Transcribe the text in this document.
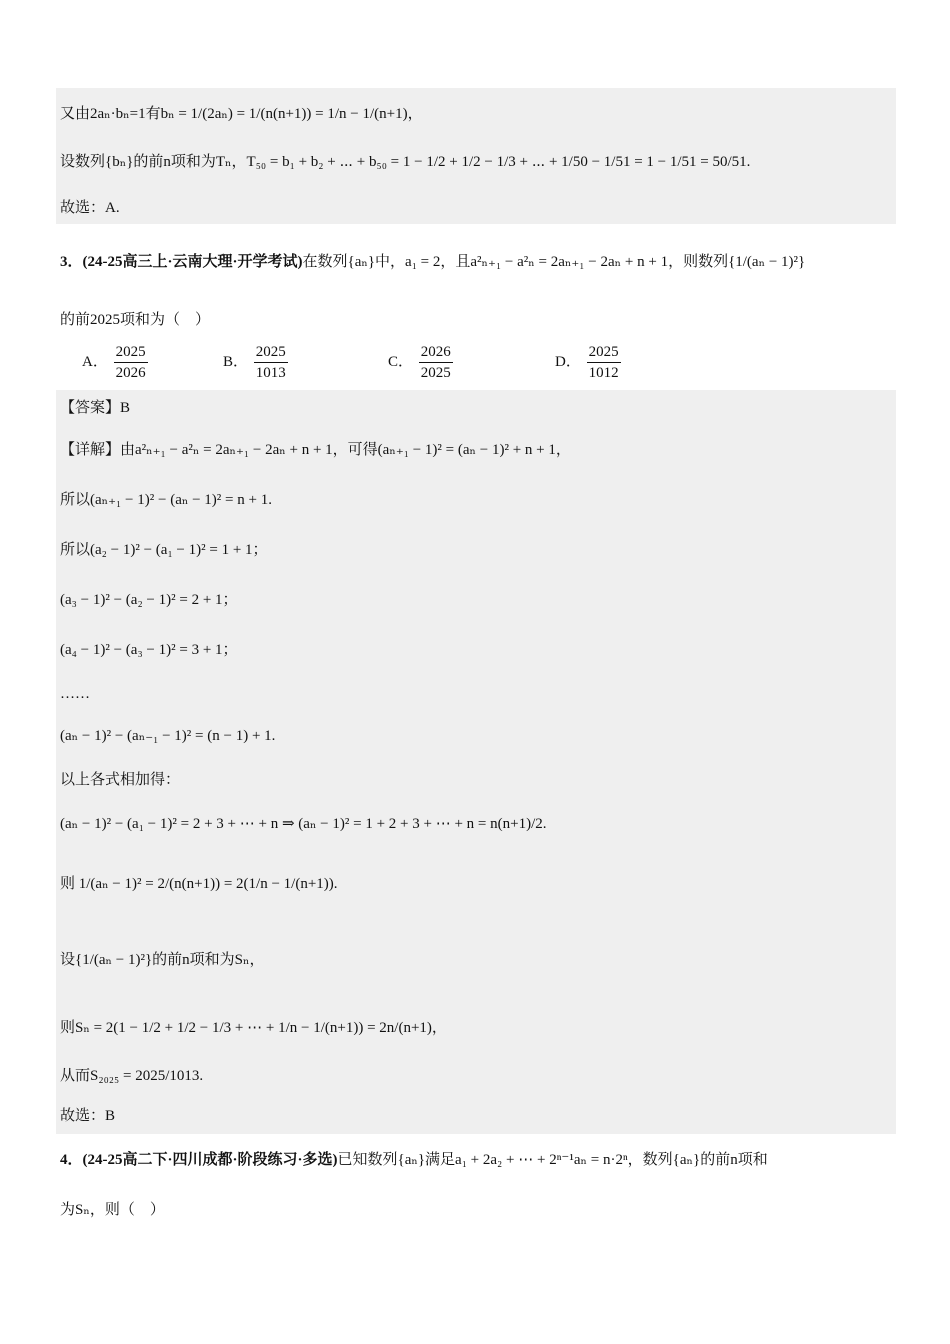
又由2aₙ·bₙ=1有bₙ = 1/(2aₙ) = 1/(n(n+1)) = 1/n − 1/(n+1)，
设数列{bₙ}的前n项和为Tₙ，T₅₀ = b₁ + b₂ + ⋯ + b₅₀ = 1 − 1/2 + 1/2 − 1/3 + ⋯ + 1/50 − 1/51 = 1 − 1/51 = 50/51.
故选：A.
3．(24-25高三上·云南大理·开学考试)在数列{aₙ}中，a₁ = 2，且a²ₙ₊₁ − a²ₙ = 2aₙ₊₁ − 2aₙ + n + 1，则数列{1/(aₙ − 1)²}
的前2025项和为（　）
A． $\frac{2025}{2026}$	B． $\frac{2025}{1013}$	C． $\frac{2026}{2025}$	D． $\frac{2025}{1012}$
【答案】B
【详解】由a²ₙ₊₁ − a²ₙ = 2aₙ₊₁ − 2aₙ + n + 1，可得(aₙ₊₁ − 1)² = (aₙ − 1)² + n + 1，
所以(aₙ₊₁ − 1)² − (aₙ − 1)² = n + 1.
所以(a₂ − 1)² − (a₁ − 1)² = 1 + 1；
(a₃ − 1)² − (a₂ − 1)² = 2 + 1；
(a₄ − 1)² − (a₃ − 1)² = 3 + 1；
……
(aₙ − 1)² − (aₙ₋₁ − 1)² = (n − 1) + 1.
以上各式相加得：
(aₙ − 1)² − (a₁ − 1)² = 2 + 3 + ⋯ + n ⇒ (aₙ − 1)² = 1 + 2 + 3 + ⋯ + n = n(n+1)/2.
则 1/(aₙ − 1)² = 2/(n(n+1)) = 2(1/n − 1/(n+1)).
设{1/(aₙ − 1)²}的前n项和为Sₙ，
则Sₙ = 2(1 − 1/2 + 1/2 − 1/3 + ⋯ + 1/n − 1/(n+1)) = 2n/(n+1)，
从而S₂₀₂₅ = 2025/1013.
故选：B
4．(24-25高二下·四川成都·阶段练习·多选)已知数列{aₙ}满足a₁ + 2a₂ + ⋯ + 2ⁿ⁻¹aₙ = n·2ⁿ，数列{aₙ}的前n项和
为Sₙ，则（　）
